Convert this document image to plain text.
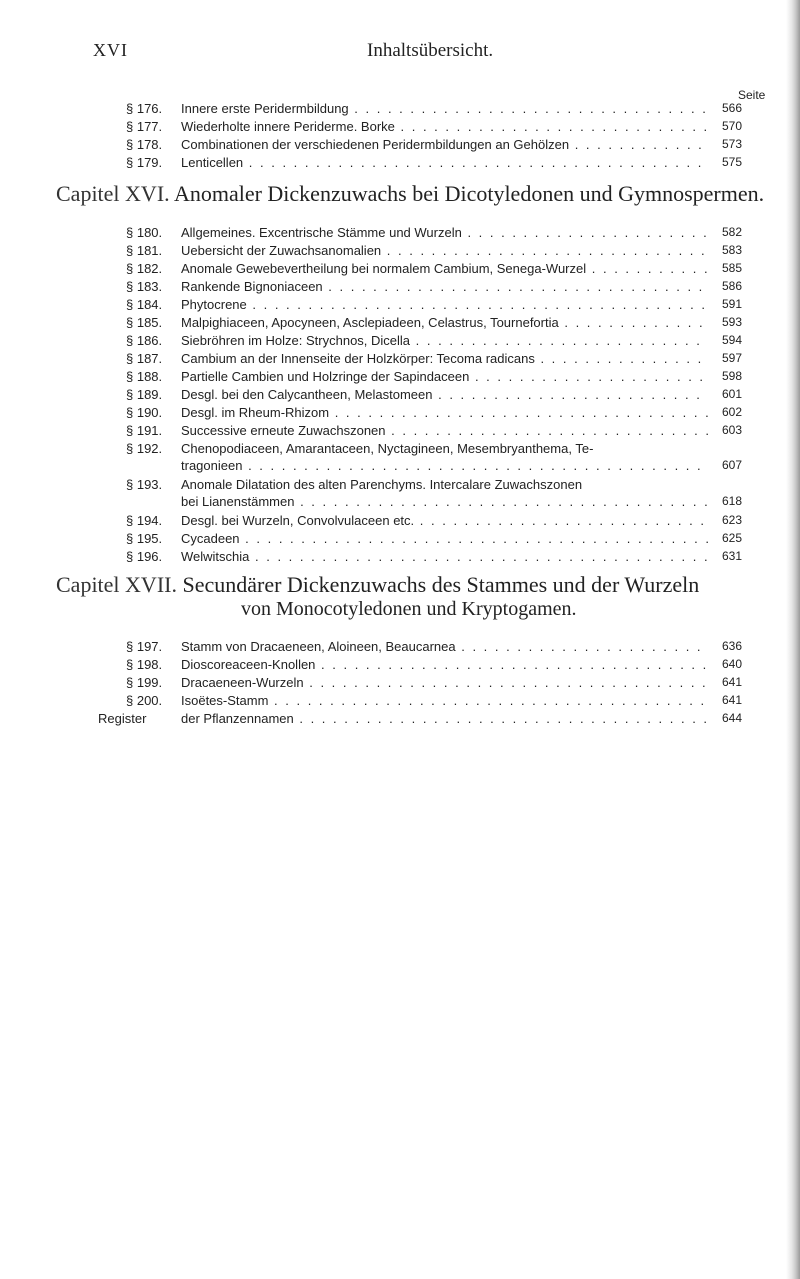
XVI	Inhaltsübersicht.
Seite
§ 176.	Innere erste Peridermbildung . . .	566
§ 177.	Wiederholte innere Periderme. Borke . . .	570
§ 178.	Combinationen der verschiedenen Peridermbildungen an Gehölzen . . .	573
§ 179.	Lenticellen . . .	575
Capitel XVI. Anomaler Dickenzuwachs bei Dicotyledonen und Gymnospermen.
§ 180.	Allgemeines. Excentrische Stämme und Wurzeln . . .	582
§ 181.	Uebersicht der Zuwachsanomalien . . .	583
§ 182.	Anomale Gewebevertheilung bei normalem Cambium, Senega-Wurzel . . .	585
§ 183.	Rankende Bignoniaceen . . .	586
§ 184.	Phytocrene . . .	591
§ 185.	Malpighiaceen, Apocyneen, Asclepiadeen, Celastrus, Tournefortia . . .	593
§ 186.	Siebröhren im Holze: Strychnos, Dicella . . .	594
§ 187.	Cambium an der Innenseite der Holzkörper: Tecoma radicans . . .	597
§ 188.	Partielle Cambien und Holzringe der Sapindaceen . . .	598
§ 189.	Desgl. bei den Calycantheen, Melastomeen . . .	601
§ 190.	Desgl. im Rheum-Rhizom . . .	602
§ 191.	Successive erneute Zuwachszonen . . .	603
§ 192.	Chenopodiaceen, Amarantaceen, Nyctagineen, Mesembryanthema, Te-
tragonieen . . .	607
§ 193.	Anomale Dilatation des alten Parenchyms. Intercalare Zuwachszonen
bei Lianenstämmen . . .	618
§ 194.	Desgl. bei Wurzeln, Convolvulaceen etc. . . .	623
§ 195.	Cycadeen . . .	625
§ 196.	Welwitschia . . .	631
Capitel XVII. Secundärer Dickenzuwachs des Stammes und der Wurzeln
von Monocotyledonen und Kryptogamen.
§ 197.	Stamm von Dracaeneen, Aloineen, Beaucarnea . . .	636
§ 198.	Dioscoreaceen-Knollen . . .	640
§ 199.	Dracaeneen-Wurzeln . . .	641
§ 200.	Isoëtes-Stamm . . .	641
Register	der Pflanzennamen . . .	644
